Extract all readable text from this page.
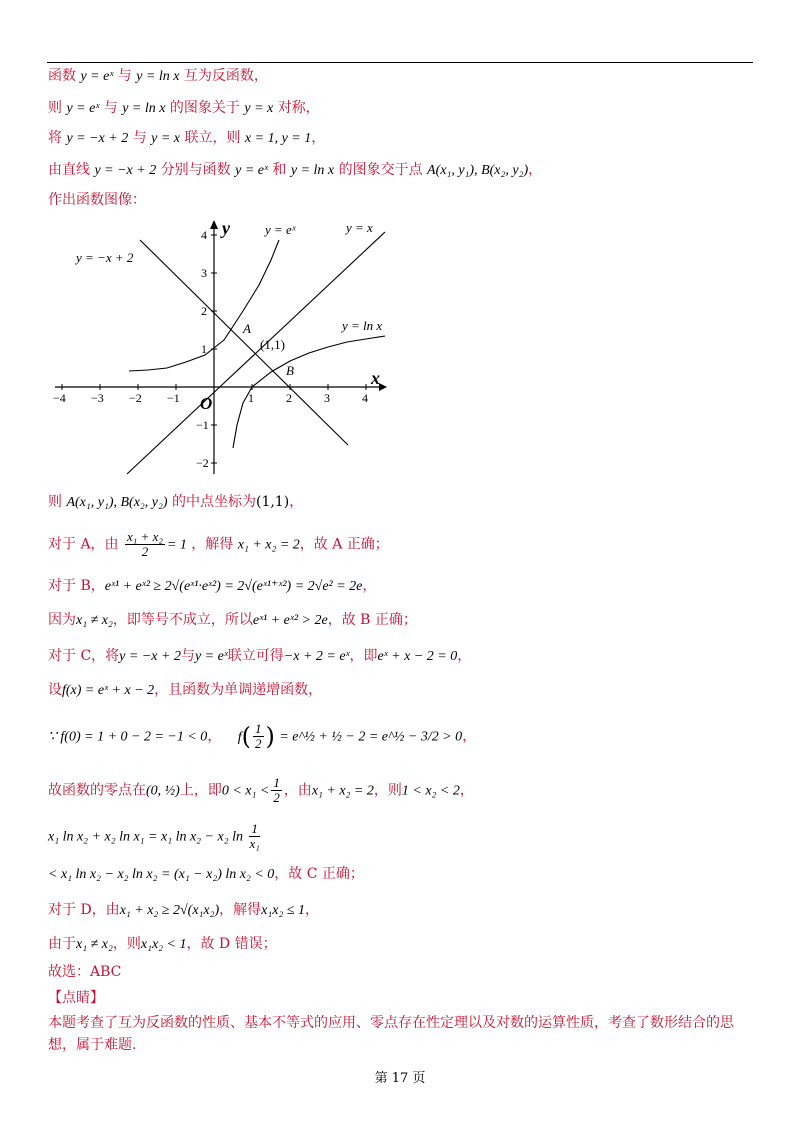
函数 y = eˣ 与 y = ln x 互为反函数，
则 y = eˣ 与 y = ln x 的图象关于 y = x 对称，
将 y = −x + 2 与 y = x 联立，则 x = 1, y = 1，
由直线 y = −x + 2 分别与函数 y = eˣ 和 y = ln x 的图象交于点 A(x₁, y₁), B(x₂, y₂)，
作出函数图像：
−4 −3 −2 −1	1	2	3	4
4
3
2
1
−1
−2
y = −x + 2
y = eˣ	y = x
y = ln x
A
B
(1,1)
O
x
y
则 A(x₁, y₁), B(x₂, y₂) 的中点坐标为(1,1)，
对于 A，由 $\frac{\text{x₁ + x₂}}{2} = 1$ ，解得 x₁ + x₂ = 2，故 A 正确；
对于 B，eˣ¹ + eˣ² ≥ 2√(eˣ¹·eˣ²) = 2√(eˣ¹⁺ˣ²) = 2√e² = 2e，
因为x₁ ≠ x₂，即等号不成立，所以eˣ¹ + eˣ² > 2e，故 B 正确；
对于 C，将y = −x + 2与y = eˣ联立可得−x + 2 = eˣ，即eˣ + x − 2 = 0，
设f(x) = eˣ + x − 2，且函数为单调递增函数，
∵ f(0) = 1 + 0 − 2 = −1 < 0， $f( \frac{1}{2}$ ) = e^½ + ½ − 2 = e^½ − 3/2 > 0，
故函数的零点在(0, ½)上，即$0 < x_1 < \frac{1}{2}$ ，由x₁ + x₂ = 2，则1 < x₂ < 2，
x₁ ln x₂ + x₂ ln x₁ = x₁ ln x₂ − x₂ $\ln \frac{1}{\text{x₁}}$
< x₁ ln x₂ − x₂ ln x₂ = (x₁ − x₂) ln x₂ < 0，故 C 正确；
对于 D，由x₁ + x₂ ≥ 2√(x₁x₂)，解得x₁x₂ ≤ 1，
由于x₁ ≠ x₂，则x₁x₂ < 1，故 D 错误；
故选：ABC
【点睛】
本题考查了互为反函数的性质、基本不等式的应用、零点存在性定理以及对数的运算性质，考查了数形结合的思想，属于难题.
第 17 页
